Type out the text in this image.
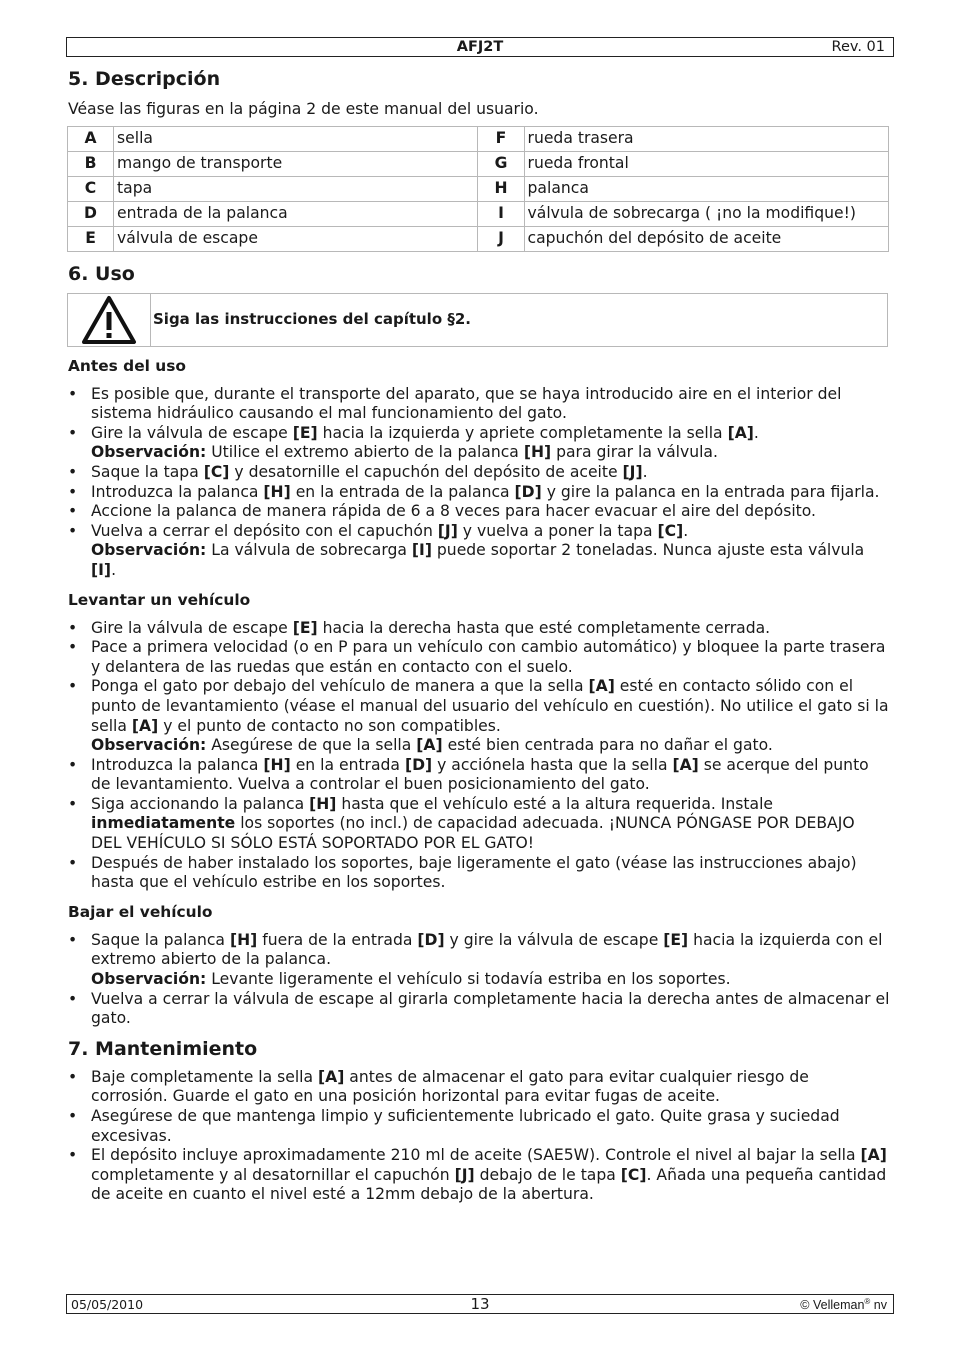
AFJ2T	Rev. 01
5. Descripción

Véase las figuras en la página 2 de este manual del usuario.

A	sella	F	rueda trasera
B	mango de transporte	G	rueda frontal
C	tapa	H	palanca
D	entrada de la palanca	I	válvula de sobrecarga ( ¡no la modifique!)
E	válvula de escape	J	capuchón del depósito de aceite
6. Uso
Siga las instrucciones del capítulo §2.
Antes del uso
• Es posible que, durante el transporte del aparato, que se haya introducido aire en el interior del sistema hidráulico causando el mal funcionamiento del gato.
• Gire la válvula de escape [E] hacia la izquierda y apriete completamente la sella [A].
Observación: Utilice el extremo abierto de la palanca [H] para girar la válvula.
• Saque la tapa [C] y desatornille el capuchón del depósito de aceite [J].
• Introduzca la palanca [H] en la entrada de la palanca [D] y gire la palanca en la entrada para fijarla.
• Accione la palanca de manera rápida de 6 a 8 veces para hacer evacuar el aire del depósito.
• Vuelva a cerrar el depósito con el capuchón [J] y vuelva a poner la tapa [C].
Observación: La válvula de sobrecarga [I] puede soportar 2 toneladas. Nunca ajuste esta válvula [I].
Levantar un vehículo
• Gire la válvula de escape [E] hacia la derecha hasta que esté completamente cerrada.
• Pace a primera velocidad (o en P para un vehículo con cambio automático) y bloquee la parte trasera y delantera de las ruedas que están en contacto con el suelo.
• Ponga el gato por debajo del vehículo de manera a que la sella [A] esté en contacto sólido con el punto de levantamiento (véase el manual del usuario del vehículo en cuestión). No utilice el gato si la sella [A] y el punto de contacto no son compatibles.
Observación: Asegúrese de que la sella [A] esté bien centrada para no dañar el gato.
• Introduzca la palanca [H] en la entrada [D] y acciónela hasta que la sella [A] se acerque del punto de levantamiento. Vuelva a controlar el buen posicionamiento del gato.
• Siga accionando la palanca [H] hasta que el vehículo esté a la altura requerida. Instale inmediatamente los soportes (no incl.) de capacidad adecuada. ¡NUNCA PÓNGASE POR DEBAJO DEL VEHÍCULO SI SÓLO ESTÁ SOPORTADO POR EL GATO!
• Después de haber instalado los soportes, baje ligeramente el gato (véase las instrucciones abajo) hasta que el vehículo estribe en los soportes.
Bajar el vehículo
• Saque la palanca [H] fuera de la entrada [D] y gire la válvula de escape [E] hacia la izquierda con el extremo abierto de la palanca.
Observación: Levante ligeramente el vehículo si todavía estriba en los soportes.
• Vuelva a cerrar la válvula de escape al girarla completamente hacia la derecha antes de almacenar el gato.
7. Mantenimiento
• Baje completamente la sella [A] antes de almacenar el gato para evitar cualquier riesgo de corrosión. Guarde el gato en una posición horizontal para evitar fugas de aceite.
• Asegúrese de que mantenga limpio y suficientemente lubricado el gato. Quite grasa y suciedad excesivas.
• El depósito incluye aproximadamente 210 ml de aceite (SAE5W). Controle el nivel al bajar la sella [A] completamente y al desatornillar el capuchón [J] debajo de le tapa [C]. Añada una pequeña cantidad de aceite en cuanto el nivel esté a 12mm debajo de la abertura.
05/05/2010	13	© Velleman® nv
